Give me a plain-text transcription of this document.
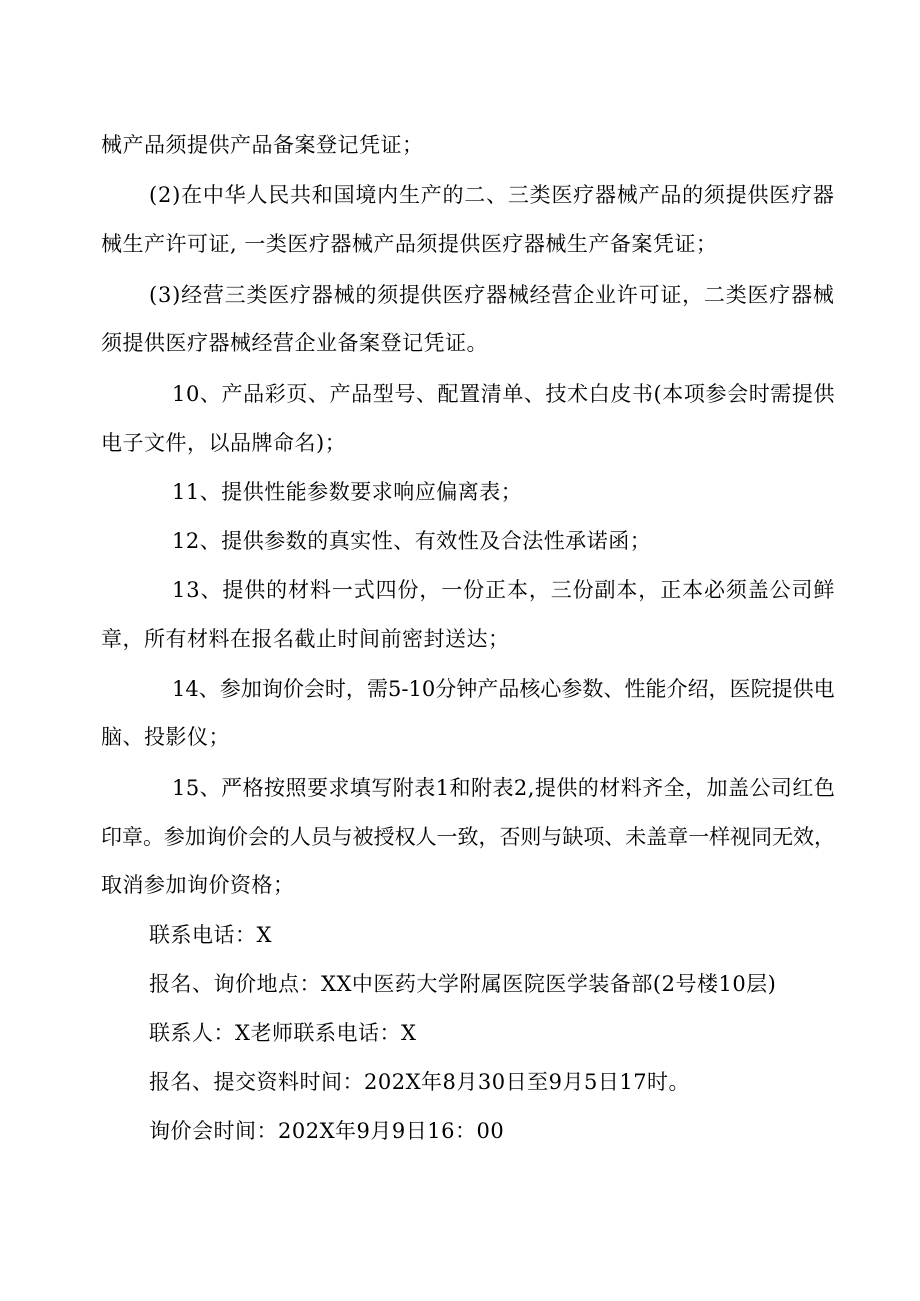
械产品须提供产品备案登记凭证；
(2)在中华人民共和国境内生产的二、三类医疗器械产品的须提供医疗器
械生产许可证, 一类医疗器械产品须提供医疗器械生产备案凭证；
(3)经营三类医疗器械的须提供医疗器械经营企业许可证，二类医疗器械
须提供医疗器械经营企业备案登记凭证。
10、产品彩页、产品型号、配置清单、技术白皮书(本项参会时需提供
电子文件，以品牌命名)；
11、提供性能参数要求响应偏离表；
12、提供参数的真实性、有效性及合法性承诺函；
13、提供的材料一式四份，一份正本，三份副本，正本必须盖公司鲜
章，所有材料在报名截止时间前密封送达；
14、参加询价会时，需5-10分钟产品核心参数、性能介绍，医院提供电
脑、投影仪；
15、严格按照要求填写附表1和附表2,提供的材料齐全，加盖公司红色
印章。参加询价会的人员与被授权人一致，否则与缺项、未盖章一样视同无效，
取消参加询价资格；
联系电话：X
报名、询价地点：XX中医药大学附属医院医学装备部(2号楼10层)
联系人：X老师联系电话：X
报名、提交资料时间：202X年8月30日至9月5日17时。
询价会时间：202X年9月9日16：00
